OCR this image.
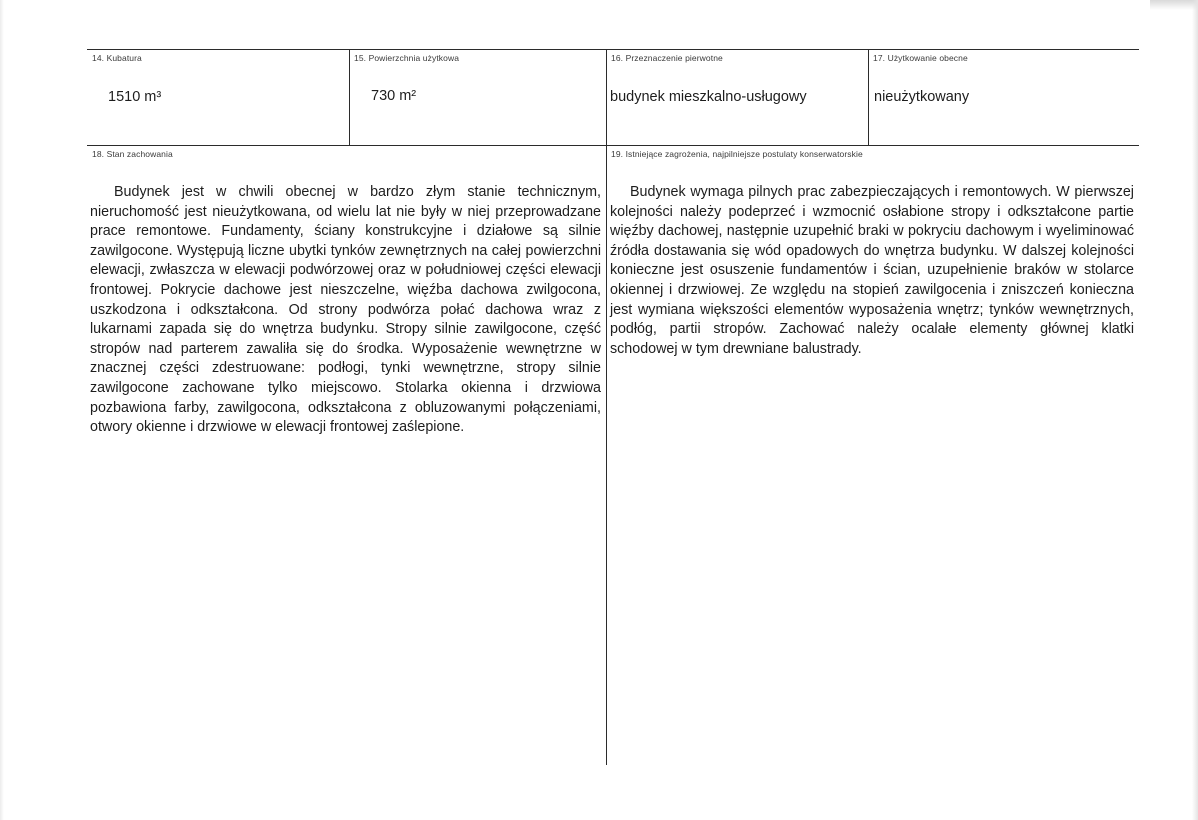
14. Kubatura	15. Powierzchnia użytkowa	16. Przeznaczenie pierwotne	17. Użytkowanie obecne
1510 m³	730 m²	budynek mieszkalno-usługowy	nieużytkowany
18. Stan zachowania	19. Istniejące zagrożenia, najpilniejsze postulaty konserwatorskie

Budynek jest w chwili obecnej w bardzo złym stanie technicznym, nieruchomość jest nieużytkowana, od wielu lat nie były w niej przeprowadzane prace remontowe. Fundamenty, ściany konstrukcyjne i działowe są silnie zawilgocone. Występują liczne ubytki tynków zewnętrznych na całej powierzchni elewacji, zwłaszcza w elewacji podwórzowej oraz w południowej części elewacji frontowej. Pokrycie dachowe jest nieszczelne, więźba dachowa zwilgocona, uszkodzona i odkształcona. Od strony podwórza połać dachowa wraz z lukarnami zapada się do wnętrza budynku. Stropy silnie zawilgocone, część stropów nad parterem zawaliła się do środka. Wyposażenie wewnętrzne w znacznej części zdestruowane: podłogi, tynki wewnętrzne, stropy silnie zawilgocone zachowane tylko miejscowo. Stolarka okienna i drzwiowa pozbawiona farby, zawilgocona, odkształcona z obluzowanymi połączeniami, otwory okienne i drzwiowe w elewacji frontowej zaślepione.

Budynek wymaga pilnych prac zabezpieczających i remontowych. W pierwszej kolejności należy podeprzeć i wzmocnić osłabione stropy i odkształcone partie więźby dachowej, następnie uzupełnić braki w pokryciu dachowym i wyeliminować źródła dostawania się wód opadowych do wnętrza budynku. W dalszej kolejności konieczne jest osuszenie fundamentów i ścian, uzupełnienie braków w stolarce okiennej i drzwiowej. Ze względu na stopień zawilgocenia i zniszczeń konieczna jest wymiana większości elementów wyposażenia wnętrz; tynków wewnętrznych, podłóg, partii stropów. Zachować należy ocalałe elementy głównej klatki schodowej w tym drewniane balustrady.
